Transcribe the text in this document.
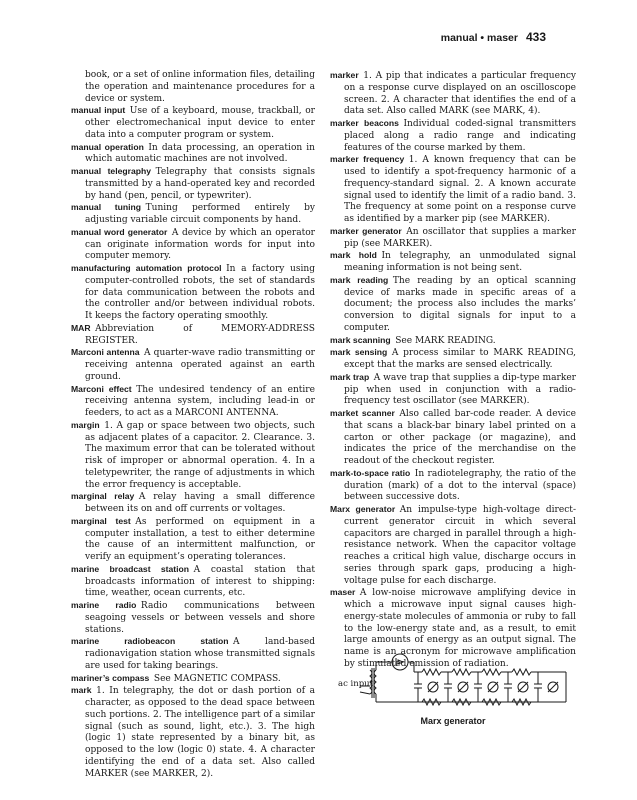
manual • maser 433

book, or a set of online information files, detailing the operation and maintenance procedures for a device or system.

manual input  Use of a keyboard, mouse, trackball, or other electromechanical input device to enter data into a computer program or system.

manual operation  In data processing, an operation in which automatic machines are not involved.

manual telegraphy  Telegraphy that consists signals transmitted by a hand-operated key and recorded by hand (pen, pencil, or typewriter).

manual tuning  Tuning performed entirely by adjusting variable circuit components by hand.

manual word generator  A device by which an operator can originate information words for input into computer memory.

manufacturing automation protocol  In a factory using computer-controlled robots, the set of standards for data communication between the robots and the controller and/or between individual robots. It keeps the factory operating smoothly.

MAR  Abbreviation of MEMORY-ADDRESS REGISTER.

Marconi antenna  A quarter-wave radio transmitting or receiving antenna operated against an earth ground.

Marconi effect  The undesired tendency of an entire receiving antenna system, including lead-in or feeders, to act as a MARCONI ANTENNA.

margin  1. A gap or space between two objects, such as adjacent plates of a capacitor. 2. Clearance. 3. The maximum error that can be tolerated without risk of improper or abnormal operation. 4. In a teletypewriter, the range of adjustments in which the error frequency is acceptable.

marginal relay  A relay having a small difference between its on and off currents or voltages.

marginal test  As performed on equipment in a computer installation, a test to either determine the cause of an intermittent malfunction, or verify an equipment’s operating tolerances.

marine broadcast station  A coastal station that broadcasts information of interest to shipping: time, weather, ocean currents, etc.

marine radio  Radio communications between seagoing vessels or between vessels and shore stations.

marine radiobeacon station  A land-based radionavigation station whose transmitted signals are used for taking bearings.

mariner’s compass  See MAGNETIC COMPASS.

mark  1. In telegraphy, the dot or dash portion of a character, as opposed to the dead space between such portions. 2. The intelligence part of a similar signal (such as sound, light, etc.). 3. The high (logic 1) state represented by a binary bit, as opposed to the low (logic 0) state. 4. A character identifying the end of a data set. Also called MARKER (see MARKER, 2).

marker  1. A pip that indicates a particular frequency on a response curve displayed on an oscilloscope screen. 2. A character that identifies the end of a data set. Also called MARK (see MARK, 4).

marker beacons  Individual coded-signal transmitters placed along a radio range and indicating features of the course marked by them.

marker frequency  1. A known frequency that can be used to identify a spot-frequency harmonic of a frequency-standard signal. 2. A known accurate signal used to identify the limit of a radio band. 3. The frequency at some point on a response curve as identified by a marker pip (see MARKER).

marker generator  An oscillator that supplies a marker pip (see MARKER).

mark hold  In telegraphy, an unmodulated signal meaning information is not being sent.

mark reading  The reading by an optical scanning device of marks made in specific areas of a document; the process also includes the marks’ conversion to digital signals for input to a computer.

mark scanning  See MARK READING.

mark sensing  A process similar to MARK READING, except that the marks are sensed electrically.

mark trap  A wave trap that supplies a dip-type marker pip when used in conjunction with a radio-frequency test oscillator (see MARKER).

market scanner  Also called bar-code reader. A device that scans a black-bar binary label printed on a carton or other package (or magazine), and indicates the price of the merchandise on the readout of the checkout register.

mark-to-space ratio  In radiotelegraphy, the ratio of the duration (mark) of a dot to the interval (space) between successive dots.

Marx generator  An impulse-type high-voltage direct-current generator circuit in which several capacitors are charged in parallel through a high-resistance network. When the capacitor voltage reaches a critical high value, discharge occurs in series through spark gaps, producing a high-voltage pulse for each discharge.

maser  A low-noise microwave amplifying device in which a microwave input signal causes high-energy-state molecules of ammonia or ruby to fall to the low-energy state and, as a result, to emit large amounts of energy as an output signal. The name is an acronym for microwave amplification by stimulated emission of radiation.

ac input
Marx generator
